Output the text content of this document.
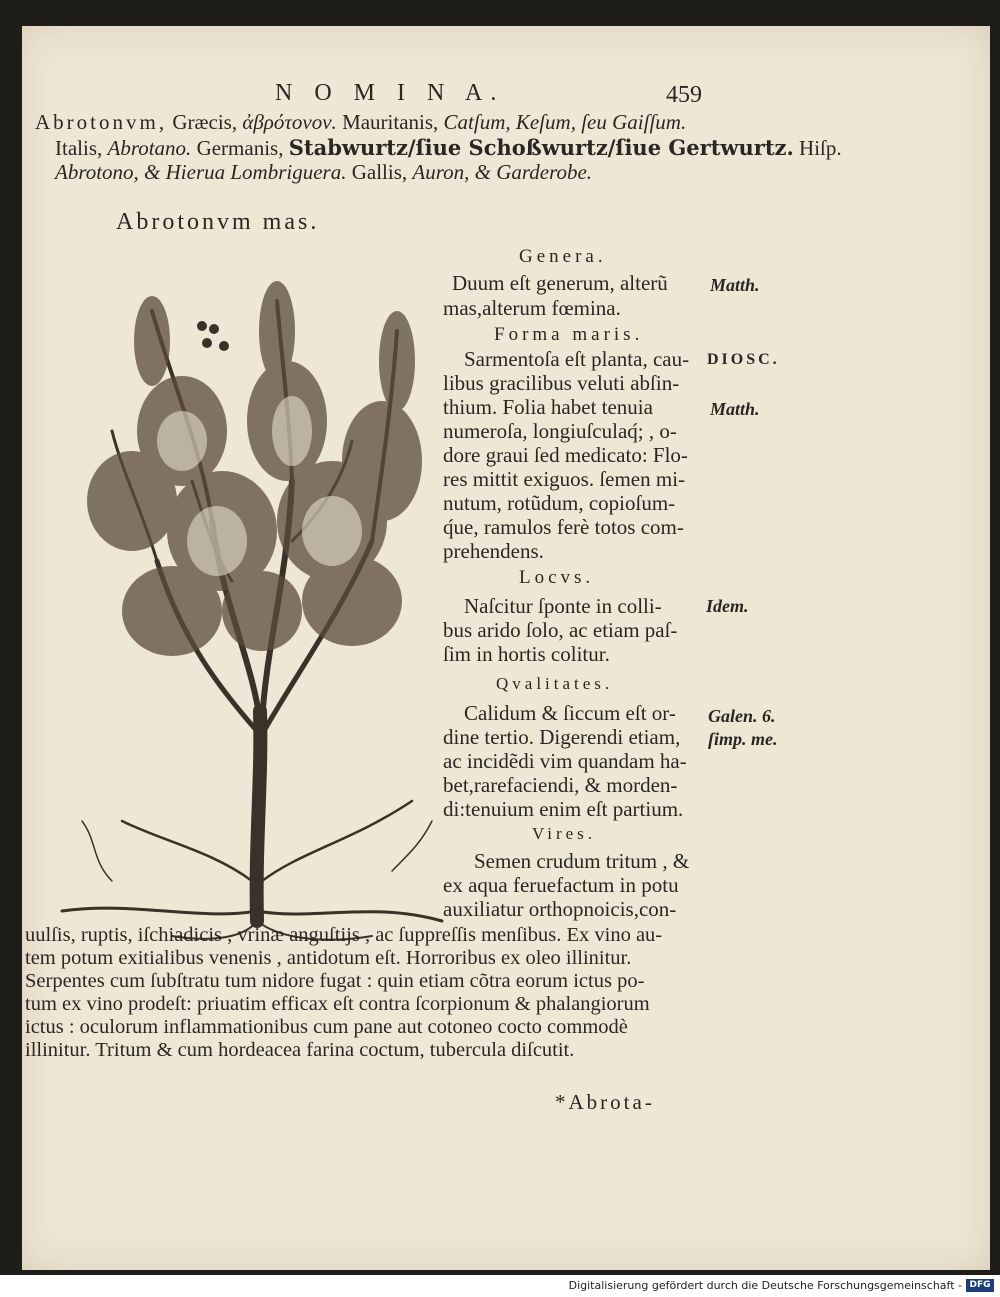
N O M I N A.	459
Abrotonvm, Græcis, ἀβρότονον. Mauritanis, Catſum, Keſum, ſeu Gaiſſum.
Italis, Abrotano. Germanis, Stabwurtz/ſiue Schoßwurtz/ſiue Gertwurtz. Hiſp.
Abrotono, & Hierua Lombriguera. Gallis, Auron, & Garderobe.
Abrotonvm mas.
Genera.
Duum eſt generum, alterũ
mas,alterum fœmina.
Forma maris.
Sarmentoſa eſt planta, cau-
libus gracilibus veluti abſin-
thium. Folia habet tenuia
numeroſa, longiuſculaq́; , o-
dore graui ſed medicato: Flo-
res mittit exiguos. ſemen mi-
nutum, rotũdum, copioſum-
q́ue, ramulos ferè totos com-
prehendens.
Locvs.
Naſcitur ſponte in colli-
bus arido ſolo, ac etiam paſ-
ſim in hortis colitur.
Qvalitates.
Calidum & ſiccum eſt or-
dine tertio. Digerendi etiam,
ac incidẽdi vim quandam ha-
bet,rarefaciendi, & morden-
di:tenuium enim eſt partium.
Vires.
Semen crudum tritum , &
ex aqua feruefactum in potu
auxiliatur orthopnoicis,con-
uulſis, ruptis, iſchiadicis , vrinæ anguſtijs , ac ſuppreſſis menſibus. Ex vino au-
tem potum exitialibus venenis , antidotum eſt. Horroribus ex oleo illinitur.
Serpentes cum ſubſtratu tum nidore fugat : quin etiam cõtra eorum ictus po-
tum ex vino prodeſt: priuatim efficax eſt contra ſcorpionum & phalangiorum
ictus : oculorum inflammationibus cum pane aut cotoneo cocto commodè
illinitur. Tritum & cum hordeacea farina coctum, tubercula diſcutit.
Matth.
DIOSC.
Matth.
Idem.
Galen. 6.
ſimp. me.
*Abrota-
Digitalisierung gefördert durch die Deutsche Forschungsgemeinschaft - DFG
